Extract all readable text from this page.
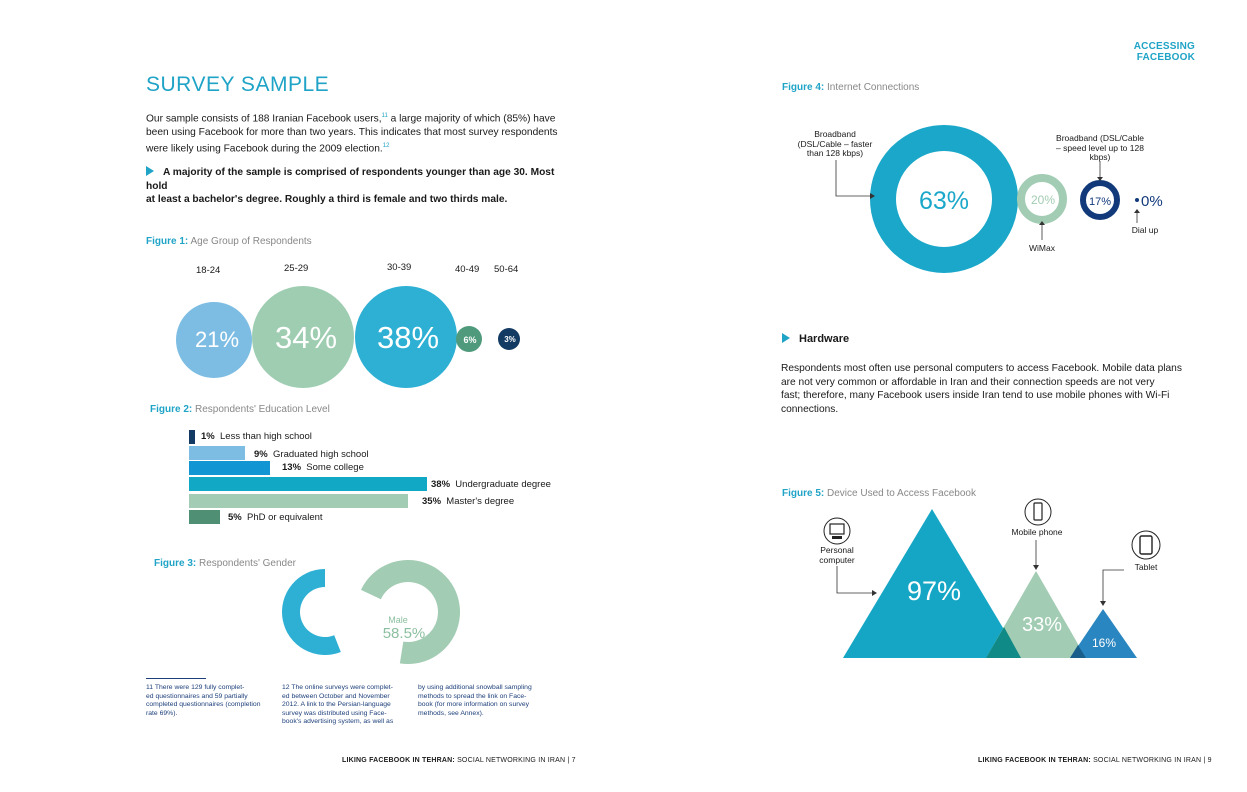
ACCESSING FACEBOOK
SURVEY SAMPLE
Our sample consists of 188 Iranian Facebook users,$^{11}$ a large majority of which (85%) have
been using Facebook for more than two years. This indicates that most survey respondents
were likely using Facebook during the 2009 election.$^{12}$
A majority of the sample is comprised of respondents younger than age 30. Most hold
at least a bachelor's degree. Roughly a third is female and two thirds male.
Figure 1: Age Group of Respondents
18-24	25-29	30-39	40-49 50-64
21% 34% 38%	6%	3%
Figure 2: Respondents' Education Level
1% Less than high school
9% Graduated high school
13% Some college
38% Undergraduate degree
35% Master's degree
5% PhD or equivalent
Figure 3: Respondents' Gender
Female
41.5%	Male
58.5%
11 There were 129 fully complet-
ed questionnaires and 59 partially
completed questionnaires (completion
rate 69%).
12 The online surveys were complet-
ed between October and November
2012. A link to the Persian-language
survey was distributed using Face-
book's advertising system, as well as
by using additional snowball sampling
methods to spread the link on Face-
book (for more information on survey
methods, see Annex).
LIKING FACEBOOK IN TEHRAN: SOCIAL NETWORKING IN IRAN | 7
Figure 4: Internet Connections
Broadband
(DSL/Cable – faster
than 128 kbps)
Broadband (DSL/Cable
– speed level up to 128
kbps)
63%	20%	17% 0%
WiMax
Dial up
Hardware
Respondents most often use personal computers to access Facebook. Mobile data plans
are not very common or affordable in Iran and their connection speeds are not very
fast; therefore, many Facebook users inside Iran tend to use mobile phones with Wi-Fi
connections.
Figure 5: Device Used to Access Facebook
97%
33%
16%
Personal
computer
Mobile phone
Tablet
LIKING FACEBOOK IN TEHRAN: SOCIAL NETWORKING IN IRAN | 9
